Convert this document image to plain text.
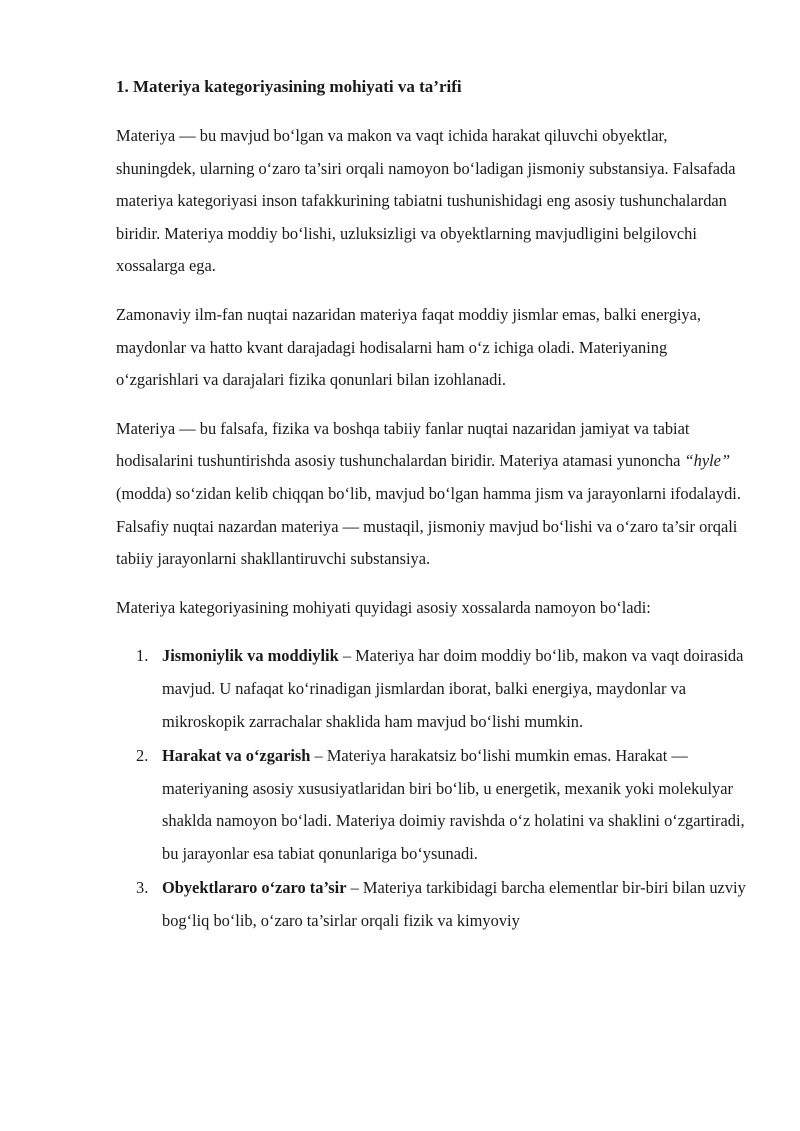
1. Materiya kategoriyasining mohiyati va ta’rifi

Materiya — bu mavjud bo‘lgan va makon va vaqt ichida harakat qiluvchi obyektlar, shuningdek, ularning o‘zaro ta’siri orqali namoyon bo‘ladigan jismoniy substansiya. Falsafada materiya kategoriyasi inson tafakkurining tabiatni tushunishidagi eng asosiy tushunchalardan biridir. Materiya moddiy bo‘lishi, uzluksizligi va obyektlarning mavjudligini belgilovchi xossalarga ega.

Zamonaviy ilm-fan nuqtai nazaridan materiya faqat moddiy jismlar emas, balki energiya, maydonlar va hatto kvant darajadagi hodisalarni ham o‘z ichiga oladi. Materiyaning o‘zgarishlari va darajalari fizika qonunlari bilan izohlanadi.

Materiya — bu falsafa, fizika va boshqa tabiiy fanlar nuqtai nazaridan jamiyat va tabiat hodisalarini tushuntirishda asosiy tushunchalardan biridir. Materiya atamasi yunoncha “hyle” (modda) so‘zidan kelib chiqqan bo‘lib, mavjud bo‘lgan hamma jism va jarayonlarni ifodalaydi. Falsafiy nuqtai nazardan materiya — mustaqil, jismoniy mavjud bo‘lishi va o‘zaro ta’sir orqali tabiiy jarayonlarni shakllantiruvchi substansiya.

Materiya kategoriyasining mohiyati quyidagi asosiy xossalarda namoyon bo‘ladi:

1. Jismoniylik va moddiylik – Materiya har doim moddiy bo‘lib, makon va vaqt doirasida mavjud. U nafaqat ko‘rinadigan jismlardan iborat, balki energiya, maydonlar va mikroskopik zarrachalar shaklida ham mavjud bo‘lishi mumkin.
2. Harakat va o‘zgarish – Materiya harakatsiz bo‘lishi mumkin emas. Harakat — materiyaning asosiy xususiyatlaridan biri bo‘lib, u energetik, mexanik yoki molekulyar shaklda namoyon bo‘ladi. Materiya doimiy ravishda o‘z holatini va shaklini o‘zgartiradi, bu jarayonlar esa tabiat qonunlariga bo‘ysunadi.
3. Obyektlararo o‘zaro ta’sir – Materiya tarkibidagi barcha elementlar bir-biri bilan uzviy bog‘liq bo‘lib, o‘zaro ta’sirlar orqali fizik va kimyoviy
